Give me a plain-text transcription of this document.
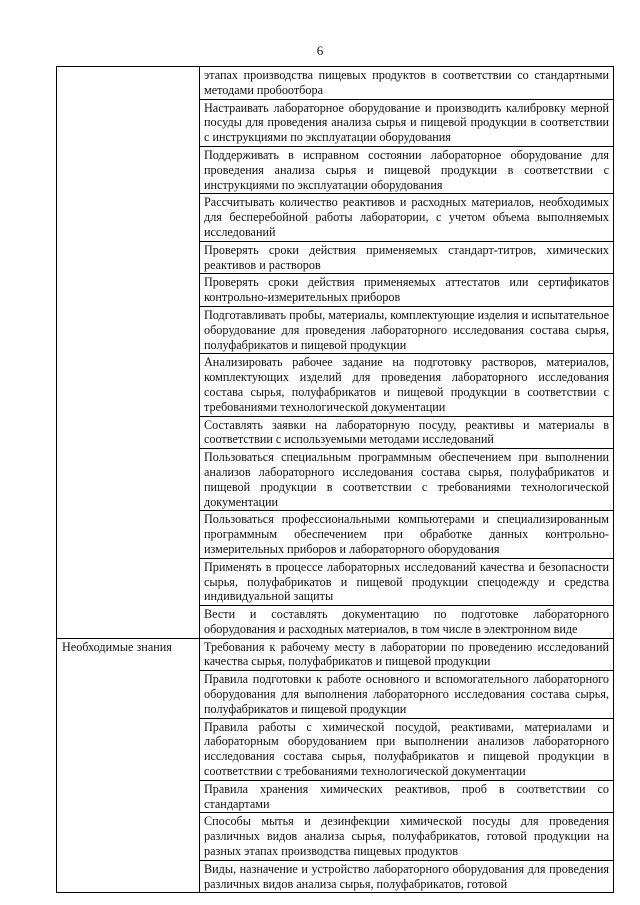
6
	этапах производства пищевых продуктов в соответствии со стандартными методами пробоотбора
	Настраивать лабораторное оборудование и производить калибровку мерной посуды для проведения анализа сырья и пищевой продукции в соответствии с инструкциями по эксплуатации оборудования
	Поддерживать в исправном состоянии лабораторное оборудование для проведения анализа сырья и пищевой продукции в соответствии с инструкциями по эксплуатации оборудования
	Рассчитывать количество реактивов и расходных материалов, необходимых для бесперебойной работы лаборатории, с учетом объема выполняемых исследований
	Проверять сроки действия применяемых стандарт-титров, химических реактивов и растворов
	Проверять сроки действия применяемых аттестатов или сертификатов контрольно-измерительных приборов
	Подготавливать пробы, материалы, комплектующие изделия и испытательное оборудование для проведения лабораторного исследования состава сырья, полуфабрикатов и пищевой продукции
	Анализировать рабочее задание на подготовку растворов, материалов, комплектующих изделий для проведения лабораторного исследования состава сырья, полуфабрикатов и пищевой продукции в соответствии с требованиями технологической документации
	Составлять заявки на лабораторную посуду, реактивы и материалы в соответствии с используемыми методами исследований
	Пользоваться специальным программным обеспечением при выполнении анализов лабораторного исследования состава сырья, полуфабрикатов и пищевой продукции в соответствии с требованиями технологической документации
	Пользоваться профессиональными компьютерами и специализированным программным обеспечением при обработке данных контрольно-измерительных приборов и лабораторного оборудования
	Применять в процессе лабораторных исследований качества и безопасности сырья, полуфабрикатов и пищевой продукции спецодежду и средства индивидуальной защиты
	Вести и составлять документацию по подготовке лабораторного оборудования и расходных материалов, в том числе в электронном виде
Необходимые знания	Требования к рабочему месту в лаборатории по проведению исследований качества сырья, полуфабрикатов и пищевой продукции
	Правила подготовки к работе основного и вспомогательного лабораторного оборудования для выполнения лабораторного исследования состава сырья, полуфабрикатов и пищевой продукции
	Правила работы с химической посудой, реактивами, материалами и лабораторным оборудованием при выполнении анализов лабораторного исследования состава сырья, полуфабрикатов и пищевой продукции в соответствии с требованиями технологической документации
	Правила хранения химических реактивов, проб в соответствии со стандартами
	Способы мытья и дезинфекции химической посуды для проведения различных видов анализа сырья, полуфабрикатов, готовой продукции на разных этапах производства пищевых продуктов
	Виды, назначение и устройство лабораторного оборудования для проведения различных видов анализа сырья, полуфабрикатов, готовой
